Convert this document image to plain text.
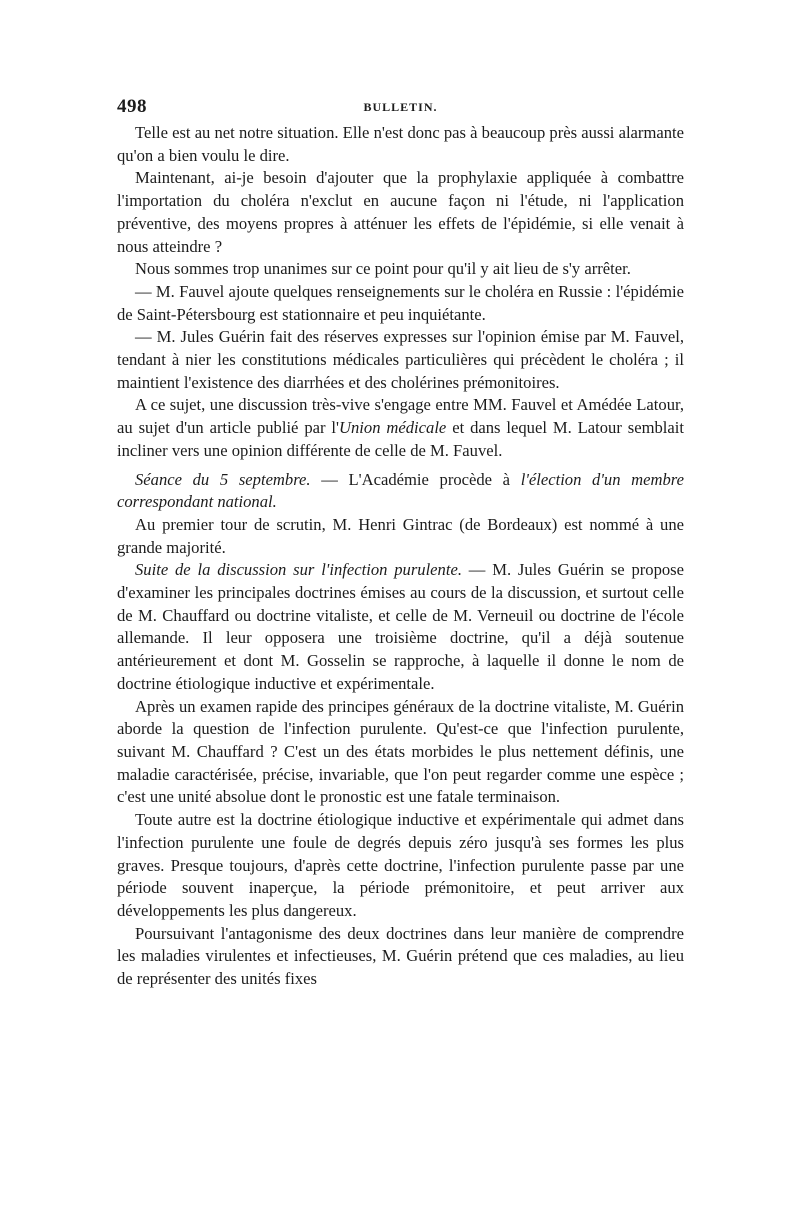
498	BULLETIN.

Telle est au net notre situation. Elle n'est donc pas à beaucoup près aussi alarmante qu'on a bien voulu le dire.

Maintenant, ai-je besoin d'ajouter que la prophylaxie appliquée à combattre l'importation du choléra n'exclut en aucune façon ni l'étude, ni l'application préventive, des moyens propres à atténuer les effets de l'épidémie, si elle venait à nous atteindre ?

Nous sommes trop unanimes sur ce point pour qu'il y ait lieu de s'y arrêter.

— M. Fauvel ajoute quelques renseignements sur le choléra en Russie : l'épidémie de Saint-Pétersbourg est stationnaire et peu inquiétante.

— M. Jules Guérin fait des réserves expresses sur l'opinion émise par M. Fauvel, tendant à nier les constitutions médicales particulières qui précèdent le choléra ; il maintient l'existence des diarrhées et des cholérines prémonitoires.

A ce sujet, une discussion très-vive s'engage entre MM. Fauvel et Amédée Latour, au sujet d'un article publié par l'Union médicale et dans lequel M. Latour semblait incliner vers une opinion différente de celle de M. Fauvel.

Séance du 5 septembre. — L'Académie procède à l'élection d'un membre correspondant national.

Au premier tour de scrutin, M. Henri Gintrac (de Bordeaux) est nommé à une grande majorité.

Suite de la discussion sur l'infection purulente. — M. Jules Guérin se propose d'examiner les principales doctrines émises au cours de la discussion, et surtout celle de M. Chauffard ou doctrine vitaliste, et celle de M. Verneuil ou doctrine de l'école allemande. Il leur opposera une troisième doctrine, qu'il a déjà soutenue antérieurement et dont M. Gosselin se rapproche, à laquelle il donne le nom de doctrine étiologique inductive et expérimentale.

Après un examen rapide des principes généraux de la doctrine vitaliste, M. Guérin aborde la question de l'infection purulente. Qu'est-ce que l'infection purulente, suivant M. Chauffard ? C'est un des états morbides le plus nettement définis, une maladie caractérisée, précise, invariable, que l'on peut regarder comme une espèce ; c'est une unité absolue dont le pronostic est une fatale terminaison.

Toute autre est la doctrine étiologique inductive et expérimentale qui admet dans l'infection purulente une foule de degrés depuis zéro jusqu'à ses formes les plus graves. Presque toujours, d'après cette doctrine, l'infection purulente passe par une période souvent inaperçue, la période prémonitoire, et peut arriver aux développements les plus dangereux.

Poursuivant l'antagonisme des deux doctrines dans leur manière de comprendre les maladies virulentes et infectieuses, M. Guérin prétend que ces maladies, au lieu de représenter des unités fixes
